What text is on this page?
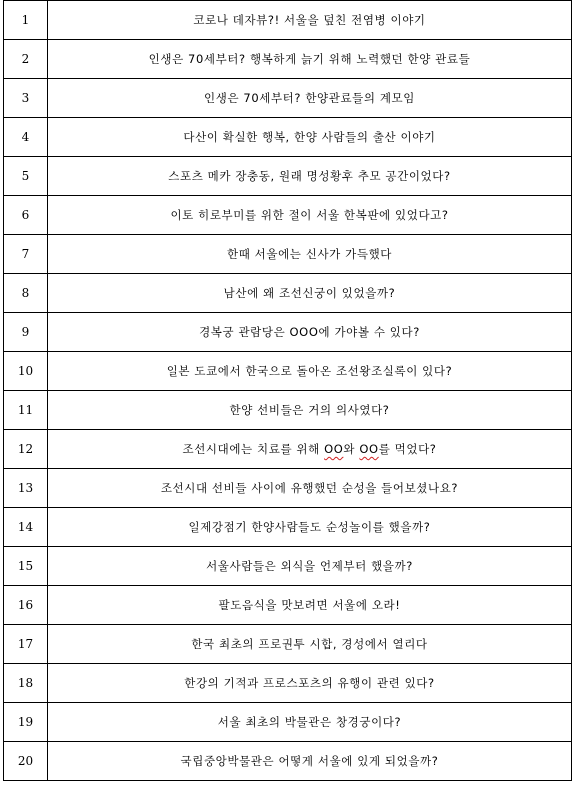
1	코로나 데자뷰?! 서울을 덮친 전염병 이야기
2	인생은 70세부터? 행복하게 늙기 위해 노력했던 한양 관료들
3	인생은 70세부터? 한양관료들의 계모임
4	다산이 확실한 행복, 한양 사람들의 출산 이야기
5	스포츠 메카 장충동, 원래 명성황후 추모 공간이었다?
6	이토 히로부미를 위한 절이 서울 한복판에 있었다고?
7	한때 서울에는 신사가 가득했다
8	남산에 왜 조선신궁이 있었을까?
9	경복궁 관람당은 OOO에 가야볼 수 있다?
10	일본 도쿄에서 한국으로 돌아온 조선왕조실록이 있다?
11	한양 선비들은 거의 의사였다?
12	조선시대에는 치료를 위해 OO와 OO를 먹었다?
13	조선시대 선비들 사이에 유행했던 순성을 들어보셨나요?
14	일제강점기 한양사람들도 순성놀이를 했을까?
15	서울사람들은 외식을 언제부터 했을까?
16	팔도음식을 맛보려면 서울에 오라!
17	한국 최초의 프로권투 시합, 경성에서 열리다
18	한강의 기적과 프로스포츠의 유행이 관련 있다?
19	서울 최초의 박물관은 창경궁이다?
20	국립중앙박물관은 어떻게 서울에 있게 되었을까?
